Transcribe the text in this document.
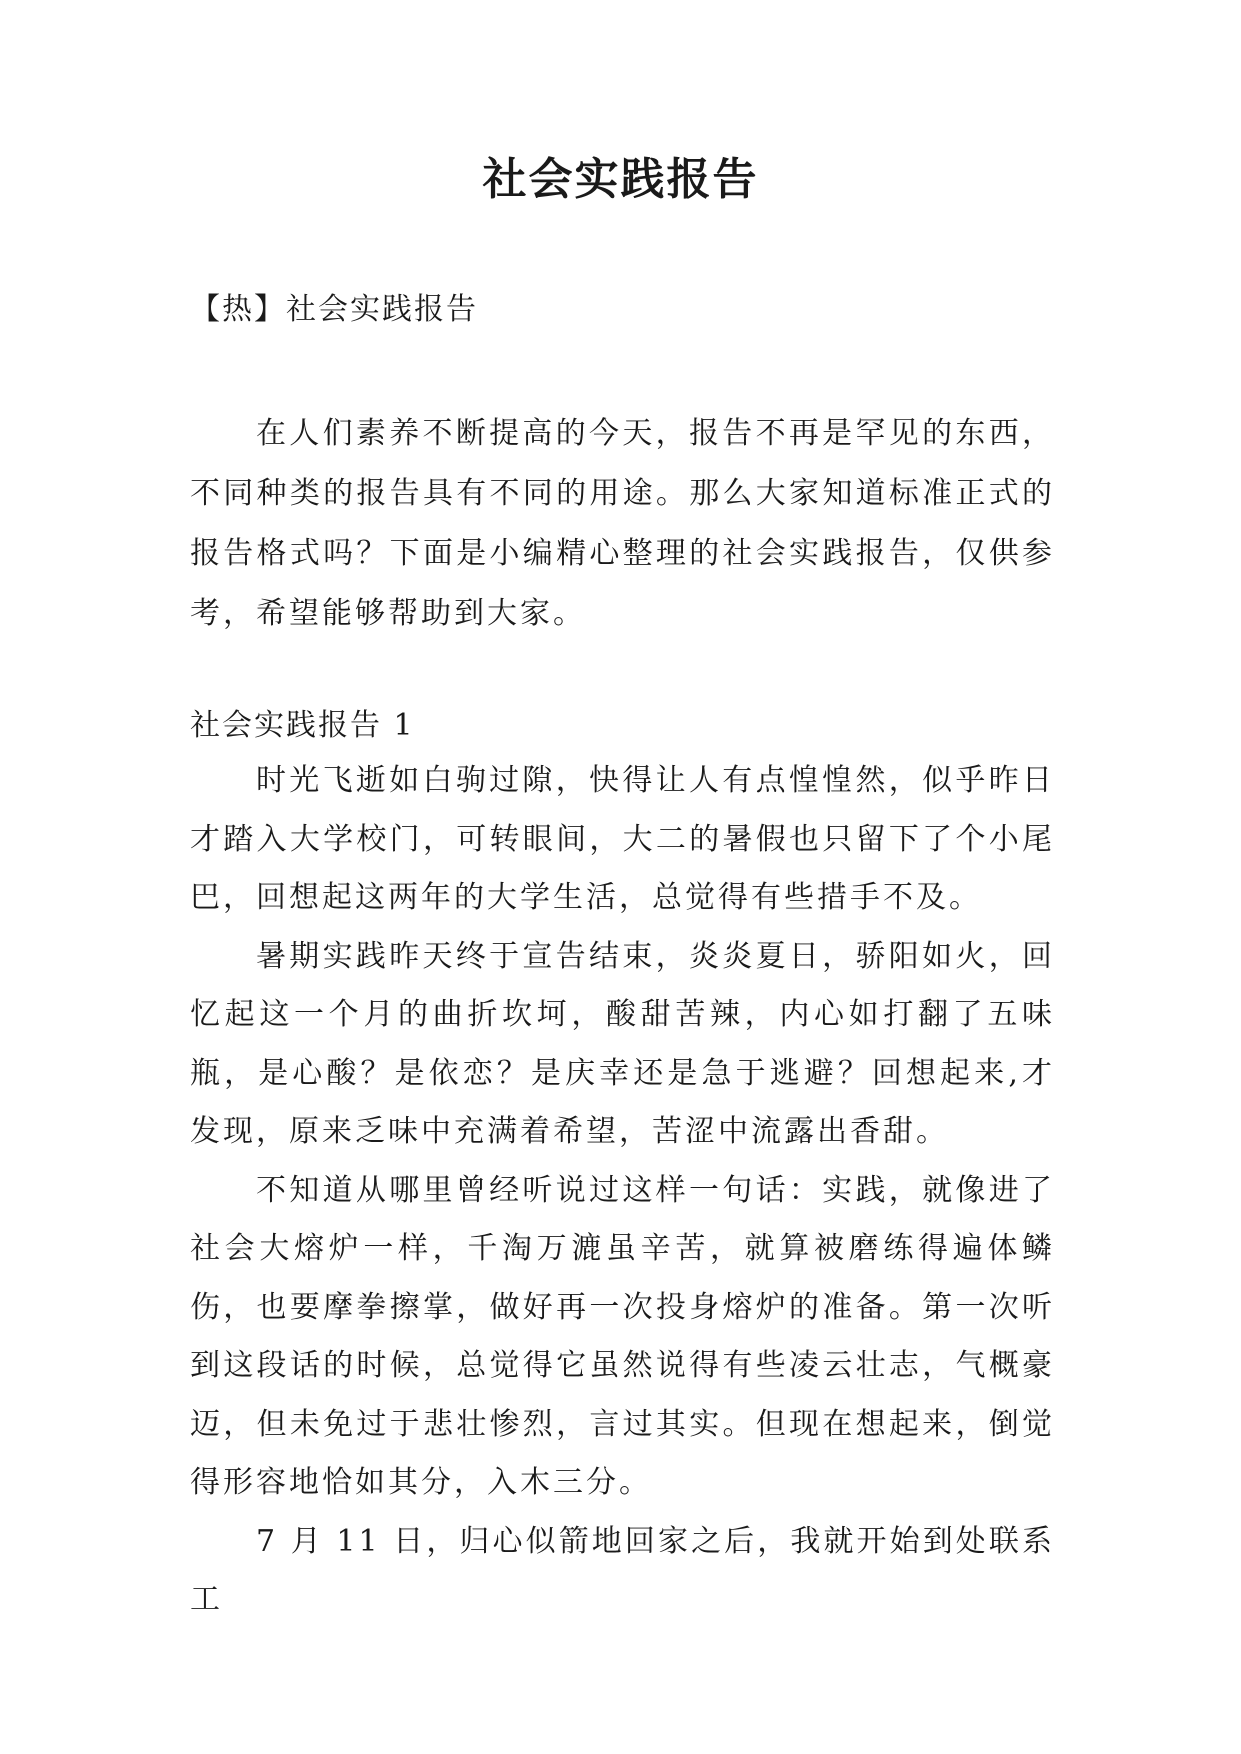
社会实践报告

【热】社会实践报告

在人们素养不断提高的今天，报告不再是罕见的东西，不同种类的报告具有不同的用途。那么大家知道标准正式的报告格式吗？下面是小编精心整理的社会实践报告，仅供参考，希望能够帮助到大家。

社会实践报告 1

时光飞逝如白驹过隙，快得让人有点惶惶然，似乎昨日才踏入大学校门，可转眼间，大二的暑假也只留下了个小尾巴，回想起这两年的大学生活，总觉得有些措手不及。

暑期实践昨天终于宣告结束，炎炎夏日，骄阳如火，回忆起这一个月的曲折坎坷，酸甜苦辣，内心如打翻了五味瓶，是心酸？是依恋？是庆幸还是急于逃避？回想起来,才发现，原来乏味中充满着希望，苦涩中流露出香甜。

不知道从哪里曾经听说过这样一句话：实践，就像进了社会大熔炉一样，千淘万漉虽辛苦，就算被磨练得遍体鳞伤，也要摩拳擦掌，做好再一次投身熔炉的准备。第一次听到这段话的时候，总觉得它虽然说得有些凌云壮志，气概豪迈，但未免过于悲壮惨烈，言过其实。但现在想起来，倒觉得形容地恰如其分，入木三分。

7 月 11 日，归心似箭地回家之后，我就开始到处联系工
